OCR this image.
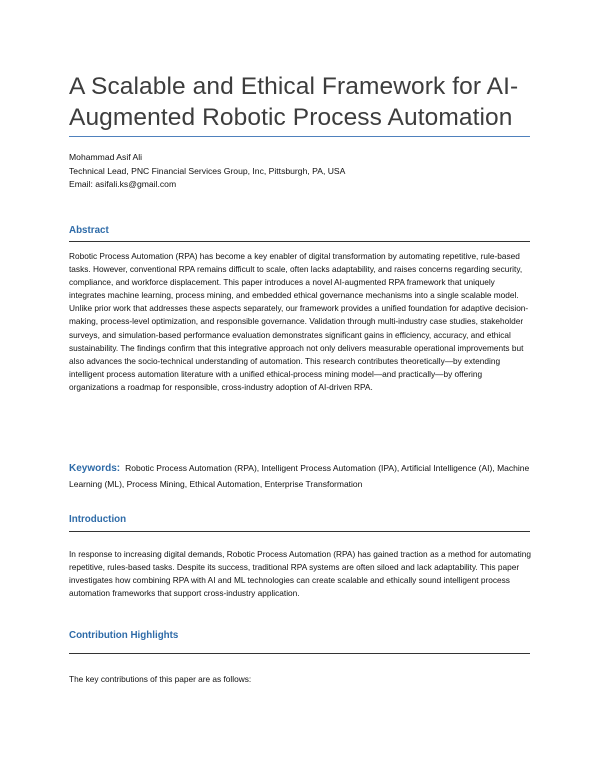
A Scalable and Ethical Framework for AI-Augmented Robotic Process Automation
Mohammad Asif Ali
Technical Lead, PNC Financial Services Group, Inc, Pittsburgh, PA, USA
Email: asifali.ks@gmail.com
Abstract

Robotic Process Automation (RPA) has become a key enabler of digital transformation by automating repetitive, rule-based tasks. However, conventional RPA remains difficult to scale, often lacks adaptability, and raises concerns regarding security, compliance, and workforce displacement. This paper introduces a novel AI-augmented RPA framework that uniquely integrates machine learning, process mining, and embedded ethical governance mechanisms into a single scalable model. Unlike prior work that addresses these aspects separately, our framework provides a unified foundation for adaptive decision-making, process-level optimization, and responsible governance. Validation through multi-industry case studies, stakeholder surveys, and simulation-based performance evaluation demonstrates significant gains in efficiency, accuracy, and ethical sustainability. The findings confirm that this integrative approach not only delivers measurable operational improvements but also advances the socio-technical understanding of automation. This research contributes theoretically—by extending intelligent process automation literature with a unified ethical-process mining model—and practically—by offering organizations a roadmap for responsible, cross-industry adoption of AI-driven RPA.

Keywords: Robotic Process Automation (RPA), Intelligent Process Automation (IPA), Artificial Intelligence (AI), Machine Learning (ML), Process Mining, Ethical Automation, Enterprise Transformation

Introduction

In response to increasing digital demands, Robotic Process Automation (RPA) has gained traction as a method for automating repetitive, rules-based tasks. Despite its success, traditional RPA systems are often siloed and lack adaptability. This paper investigates how combining RPA with AI and ML technologies can create scalable and ethically sound intelligent process automation frameworks that support cross-industry application.

Contribution Highlights

The key contributions of this paper are as follows:
